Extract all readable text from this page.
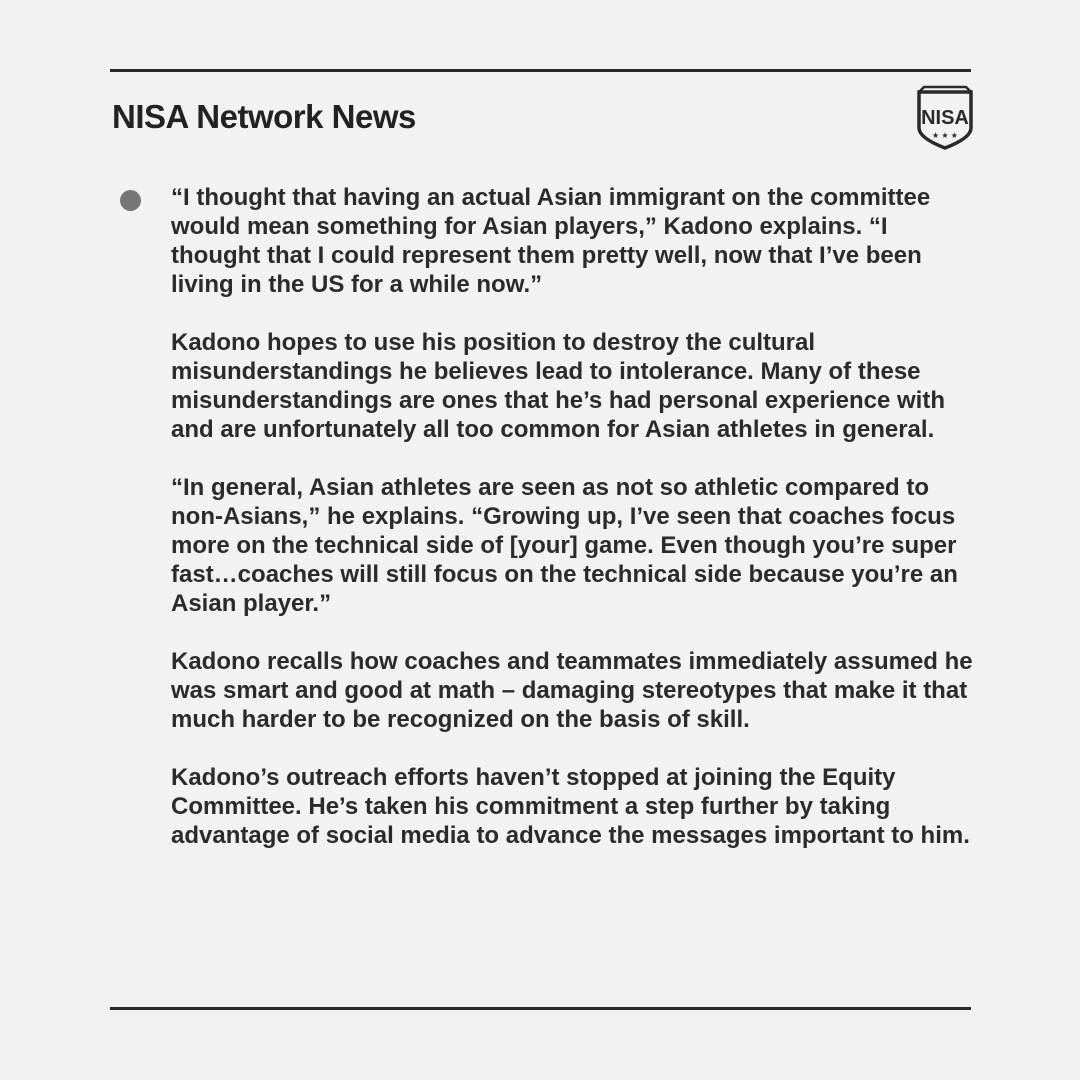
NISA Network News	NISA
★ ★ ★

“I thought that having an actual Asian immigrant on the committee would mean something for Asian players,” Kadono explains. “I thought that I could represent them pretty well, now that I’ve been living in the US for a while now.”

Kadono hopes to use his position to destroy the cultural misunderstandings he believes lead to intolerance. Many of these misunderstandings are ones that he’s had personal experience with and are unfortunately all too common for Asian athletes in general.

“In general, Asian athletes are seen as not so athletic compared to non-Asians,” he explains. “Growing up, I’ve seen that coaches focus more on the technical side of [your] game. Even though you’re super fast…coaches will still focus on the technical side because you’re an Asian player.”

Kadono recalls how coaches and teammates immediately assumed he was smart and good at math – damaging stereotypes that make it that much harder to be recognized on the basis of skill.

Kadono’s outreach efforts haven’t stopped at joining the Equity Committee. He’s taken his commitment a step further by taking advantage of social media to advance the messages important to him.
